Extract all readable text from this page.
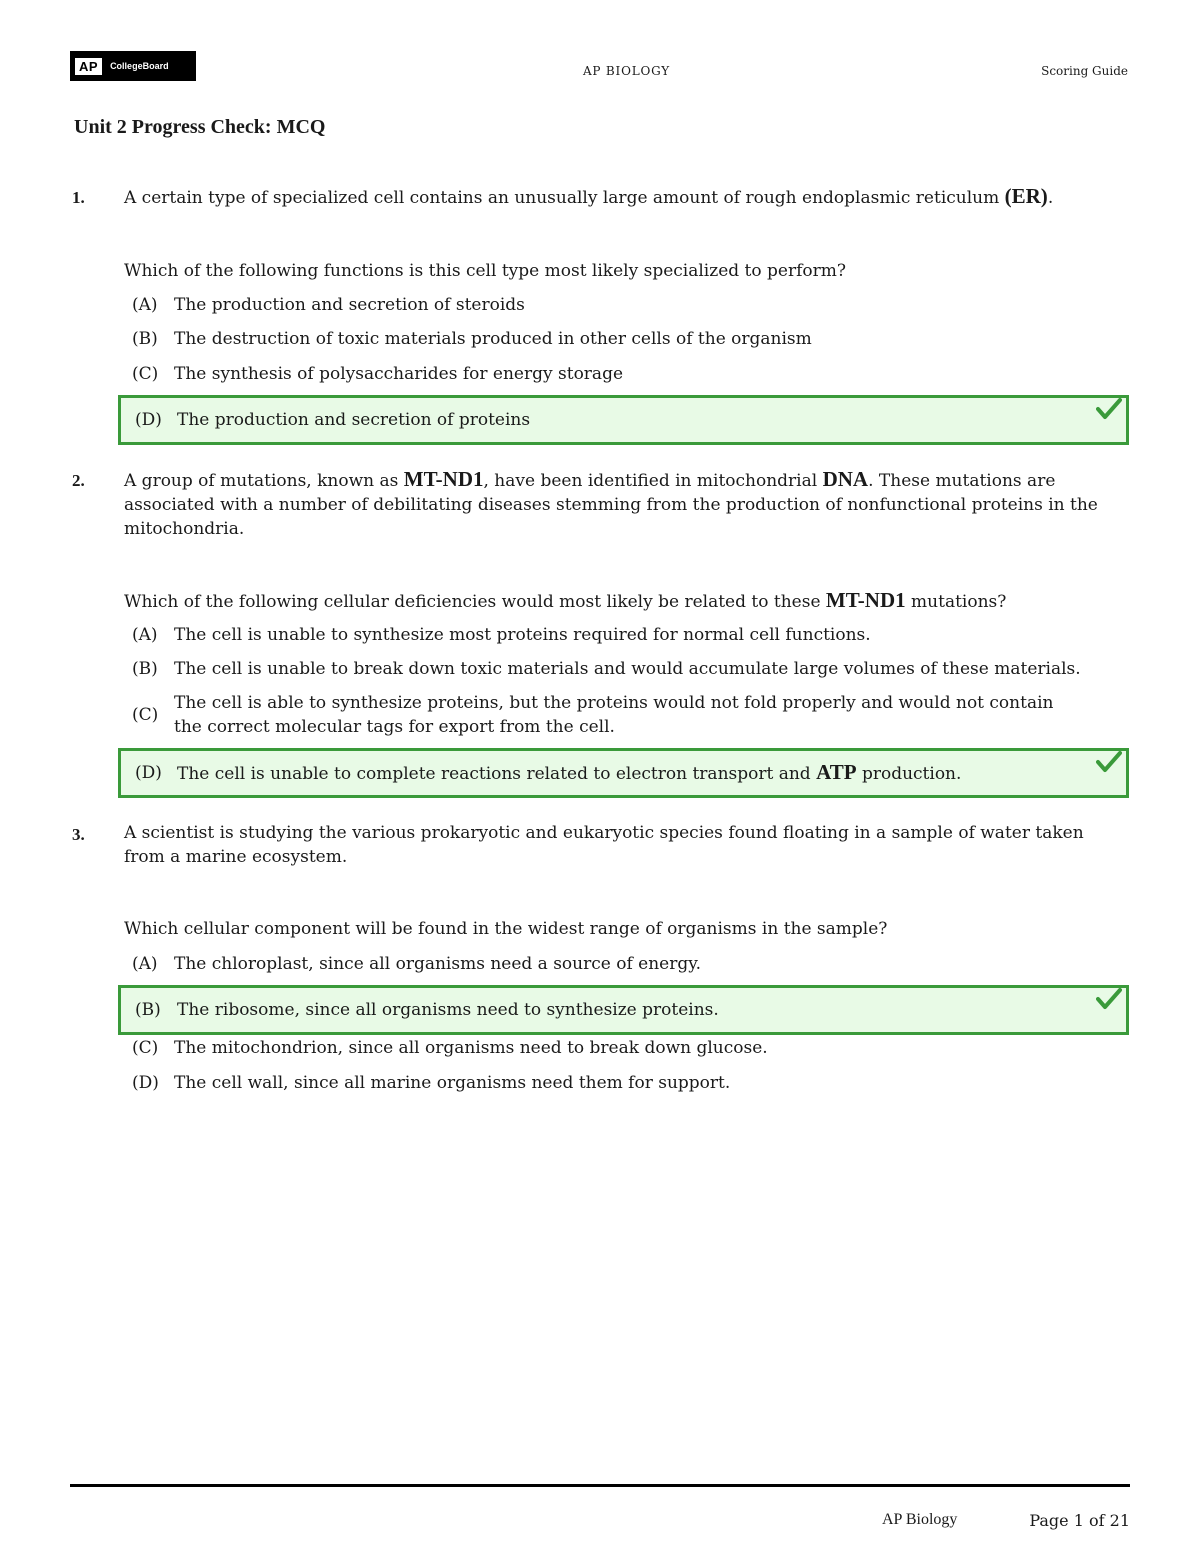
AP	CollegeBoard	AP BIOLOGY	Scoring Guide
Unit 2 Progress Check: MCQ
1. A certain type of specialized cell contains an unusually large amount of rough endoplasmic reticulum (ER).
Which of the following functions is this cell type most likely specialized to perform?
(A) The production and secretion of steroids
(B) The destruction of toxic materials produced in other cells of the organism
(C) The synthesis of polysaccharides for energy storage
(D) The production and secretion of proteins
2. A group of mutations, known as MT-ND1, have been identified in mitochondrial DNA. These mutations are associated with a number of debilitating diseases stemming from the production of nonfunctional proteins in the mitochondria.
Which of the following cellular deficiencies would most likely be related to these MT-ND1 mutations?
(A) The cell is unable to synthesize most proteins required for normal cell functions.
(B) The cell is unable to break down toxic materials and would accumulate large volumes of these materials.
(C)
The cell is able to synthesize proteins, but the proteins would not fold properly and would not contain the correct molecular tags for export from the cell.
(D) The cell is unable to complete reactions related to electron transport and ATP production.
3. A scientist is studying the various prokaryotic and eukaryotic species found floating in a sample of water taken from a marine ecosystem.
Which cellular component will be found in the widest range of organisms in the sample?
(A) The chloroplast, since all organisms need a source of energy.
(B) The ribosome, since all organisms need to synthesize proteins.
(C) The mitochondrion, since all organisms need to break down glucose.
(D) The cell wall, since all marine organisms need them for support.
AP Biology	Page 1 of 21
